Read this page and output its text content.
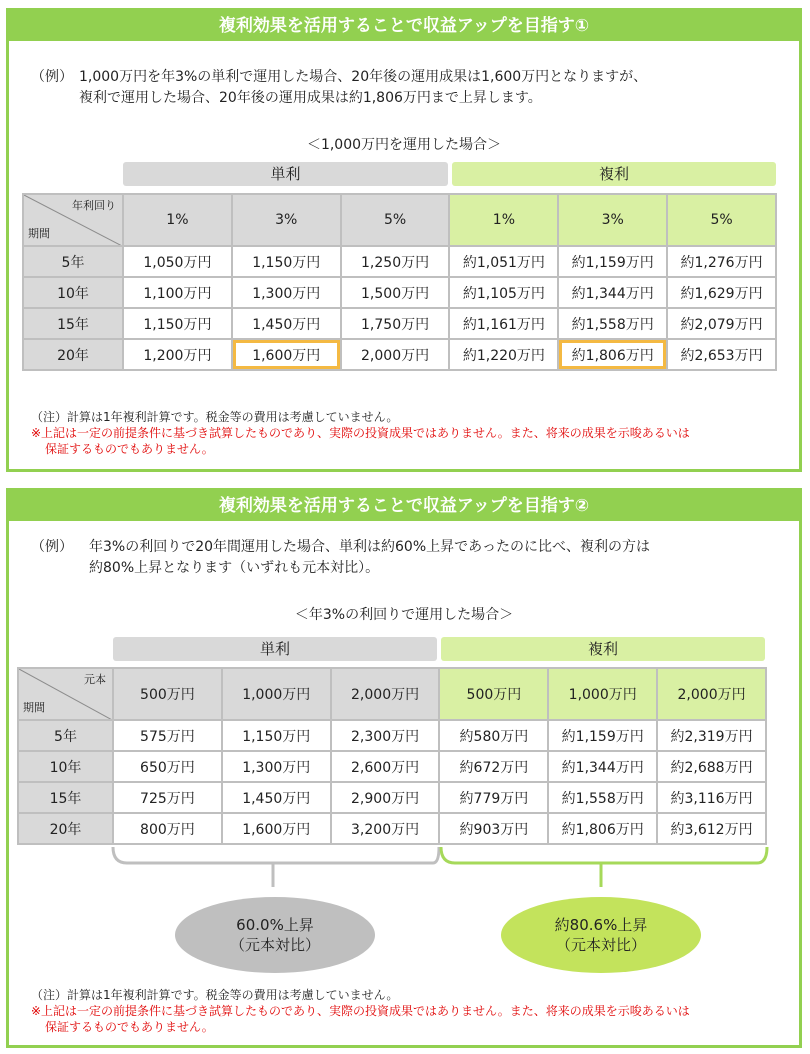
複利効果を活用することで収益アップを目指す①
（例） 1,000万円を年3%の単利で運用した場合、20年後の運用成果は1,600万円となりますが、
複利で運用した場合、20年後の運用成果は約1,806万円まで上昇します。
＜1,000万円を運用した場合＞
単利	複利
年利回り
期間	1%	3%	5%	1%	3%	5%
5年	1,050万円	1,150万円	1,250万円	約1,051万円	約1,159万円	約1,276万円
10年	1,100万円	1,300万円	1,500万円	約1,105万円	約1,344万円	約1,629万円
15年	1,150万円	1,450万円	1,750万円	約1,161万円	約1,558万円	約2,079万円
20年	1,200万円	1,600万円	2,000万円	約1,220万円	約1,806万円	約2,653万円
（注）計算は1年複利計算です。税金等の費用は考慮していません。
※上記は一定の前提条件に基づき試算したものであり、実際の投資成果ではありません。また、将来の成果を示唆あるいは
保証するものでもありません。
複利効果を活用することで収益アップを目指す②
（例） 年3%の利回りで20年間運用した場合、単利は約60%上昇であったのに比べ、複利の方は
約80%上昇となります（いずれも元本対比）。
＜年3%の利回りで運用した場合＞
単利	複利
元本
期間	500万円	1,000万円	2,000万円	500万円	1,000万円	2,000万円
5年	575万円	1,150万円	2,300万円	約580万円	約1,159万円	約2,319万円
10年	650万円	1,300万円	2,600万円	約672万円	約1,344万円	約2,688万円
15年	725万円	1,450万円	2,900万円	約779万円	約1,558万円	約3,116万円
20年	800万円	1,600万円	3,200万円	約903万円	約1,806万円	約3,612万円
60.0%上昇
（元本対比）
約80.6%上昇
（元本対比）
（注）計算は1年複利計算です。税金等の費用は考慮していません。
※上記は一定の前提条件に基づき試算したものであり、実際の投資成果ではありません。また、将来の成果を示唆あるいは
保証するものでもありません。
